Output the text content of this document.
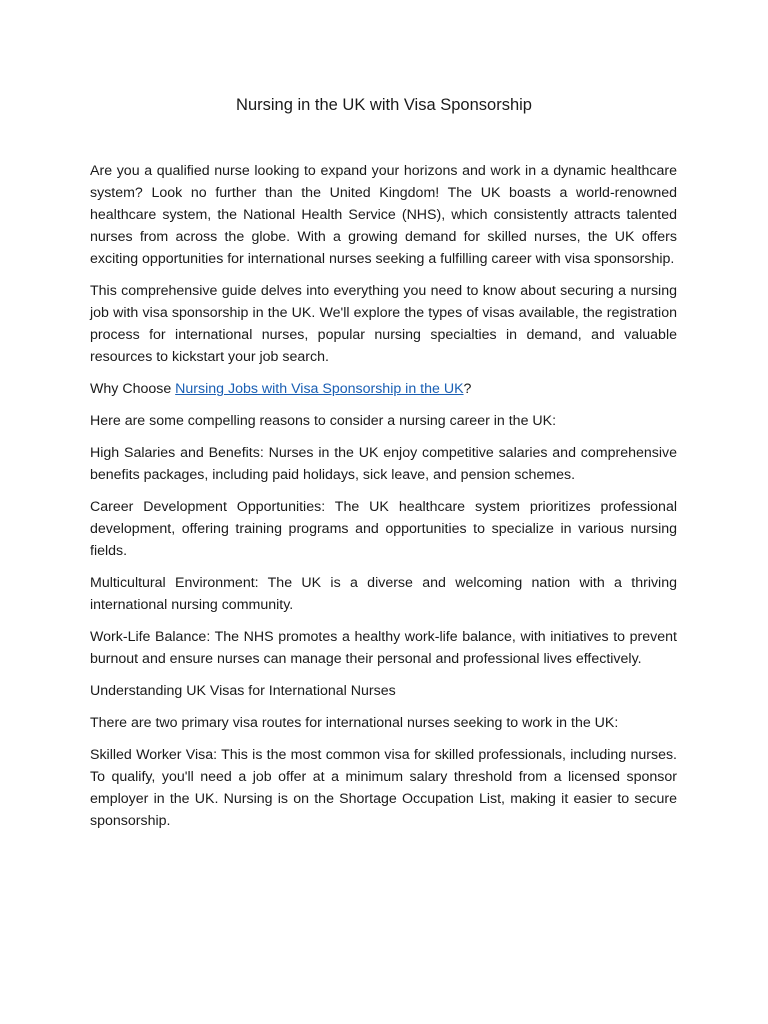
Nursing in the UK with Visa Sponsorship

Are you a qualified nurse looking to expand your horizons and work in a dynamic healthcare system? Look no further than the United Kingdom! The UK boasts a world-renowned healthcare system, the National Health Service (NHS), which consistently attracts talented nurses from across the globe. With a growing demand for skilled nurses, the UK offers exciting opportunities for international nurses seeking a fulfilling career with visa sponsorship.

This comprehensive guide delves into everything you need to know about securing a nursing job with visa sponsorship in the UK. We'll explore the types of visas available, the registration process for international nurses, popular nursing specialties in demand, and valuable resources to kickstart your job search.

Why Choose Nursing Jobs with Visa Sponsorship in the UK?

Here are some compelling reasons to consider a nursing career in the UK:

High Salaries and Benefits: Nurses in the UK enjoy competitive salaries and comprehensive benefits packages, including paid holidays, sick leave, and pension schemes.

Career Development Opportunities: The UK healthcare system prioritizes professional development, offering training programs and opportunities to specialize in various nursing fields.

Multicultural Environment: The UK is a diverse and welcoming nation with a thriving international nursing community.

Work-Life Balance: The NHS promotes a healthy work-life balance, with initiatives to prevent burnout and ensure nurses can manage their personal and professional lives effectively.

Understanding UK Visas for International Nurses

There are two primary visa routes for international nurses seeking to work in the UK:

Skilled Worker Visa: This is the most common visa for skilled professionals, including nurses. To qualify, you'll need a job offer at a minimum salary threshold from a licensed sponsor employer in the UK. Nursing is on the Shortage Occupation List, making it easier to secure sponsorship.
